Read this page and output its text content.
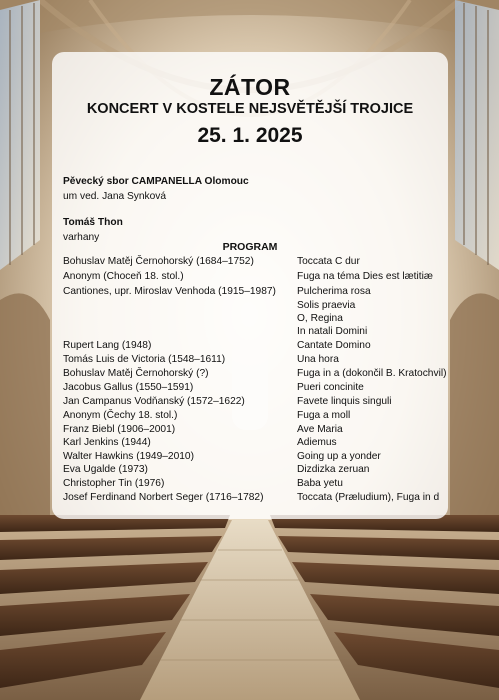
ZÁTOR
KONCERT V KOSTELE NEJSVĚTĚJŠÍ TROJICE
25. 1. 2025
Pěvecký sbor CAMPANELLA Olomouc
um ved. Jana Synková
Tomáš Thon
varhany
PROGRAM
Bohuslav Matěj Černohorský (1684–1752)
Anonym (Choceň 18. stol.)
Cantiones, upr. Miroslav Venhoda (1915–1987)
Rupert Lang (1948)
Tomás Luis de Victoria (1548–1611)
Bohuslav Matěj Černohorský (?)
Jacobus Gallus (1550–1591)
Jan Campanus Vodňanský (1572–1622)
Anonym (Čechy 18. stol.)
Franz Biebl (1906–2001)
Karl Jenkins (1944)
Walter Hawkins (1949–2010)
Eva Ugalde (1973)
Christopher Tin (1976)
Josef Ferdinand Norbert Seger (1716–1782)
Toccata C dur
Fuga na téma Dies est lætitiæ
Pulcherima rosa
Solis praevia
O, Regina
In natali Domini
Cantate Domino
Una hora
Fuga in a (dokončil B. Kratochvil)
Pueri concinite
Favete linquis singuli
Fuga a moll
Ave Maria
Adiemus
Going up a yonder
Dizdizka zeruan
Baba yetu
Toccata (Præludium), Fuga in d
